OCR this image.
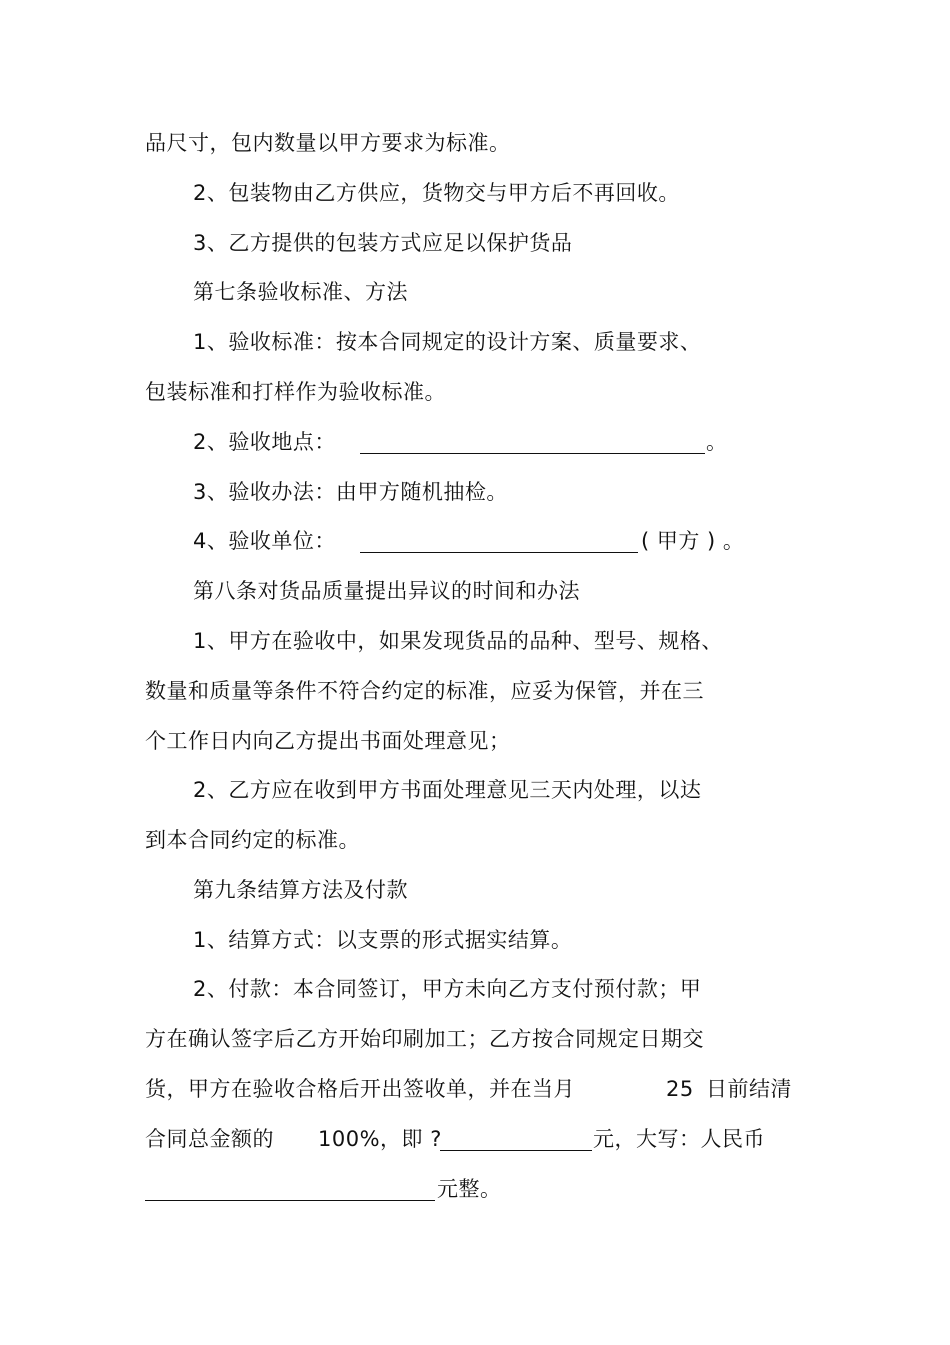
品尺寸，包内数量以甲方要求为标准。
2、包装物由乙方供应，货物交与甲方后不再回收。
3、乙方提供的包装方式应足以保护货品
第七条验收标准、方法
1、验收标准：按本合同规定的设计方案、质量要求、
包装标准和打样作为验收标准。
2、验收地点：	。
3、验收办法：由甲方随机抽检。
4、验收单位：	( 甲方 ) 。
第八条对货品质量提出异议的时间和办法
1、甲方在验收中，如果发现货品的品种、型号、规格、
数量和质量等条件不符合约定的标准，应妥为保管，并在三
个工作日内向乙方提出书面处理意见；
2、乙方应在收到甲方书面处理意见三天内处理，以达
到本合同约定的标准。
第九条结算方法及付款
1、结算方式：以支票的形式据实结算。
2、付款：本合同签订，甲方未向乙方支付预付款；甲
方在确认签字后乙方开始印刷加工；乙方按合同规定日期交
货，甲方在验收合格后开出签收单，并在当月	25 日前结清
合同总金额的 100%，即 ?	元，大写：人民币
元整。
